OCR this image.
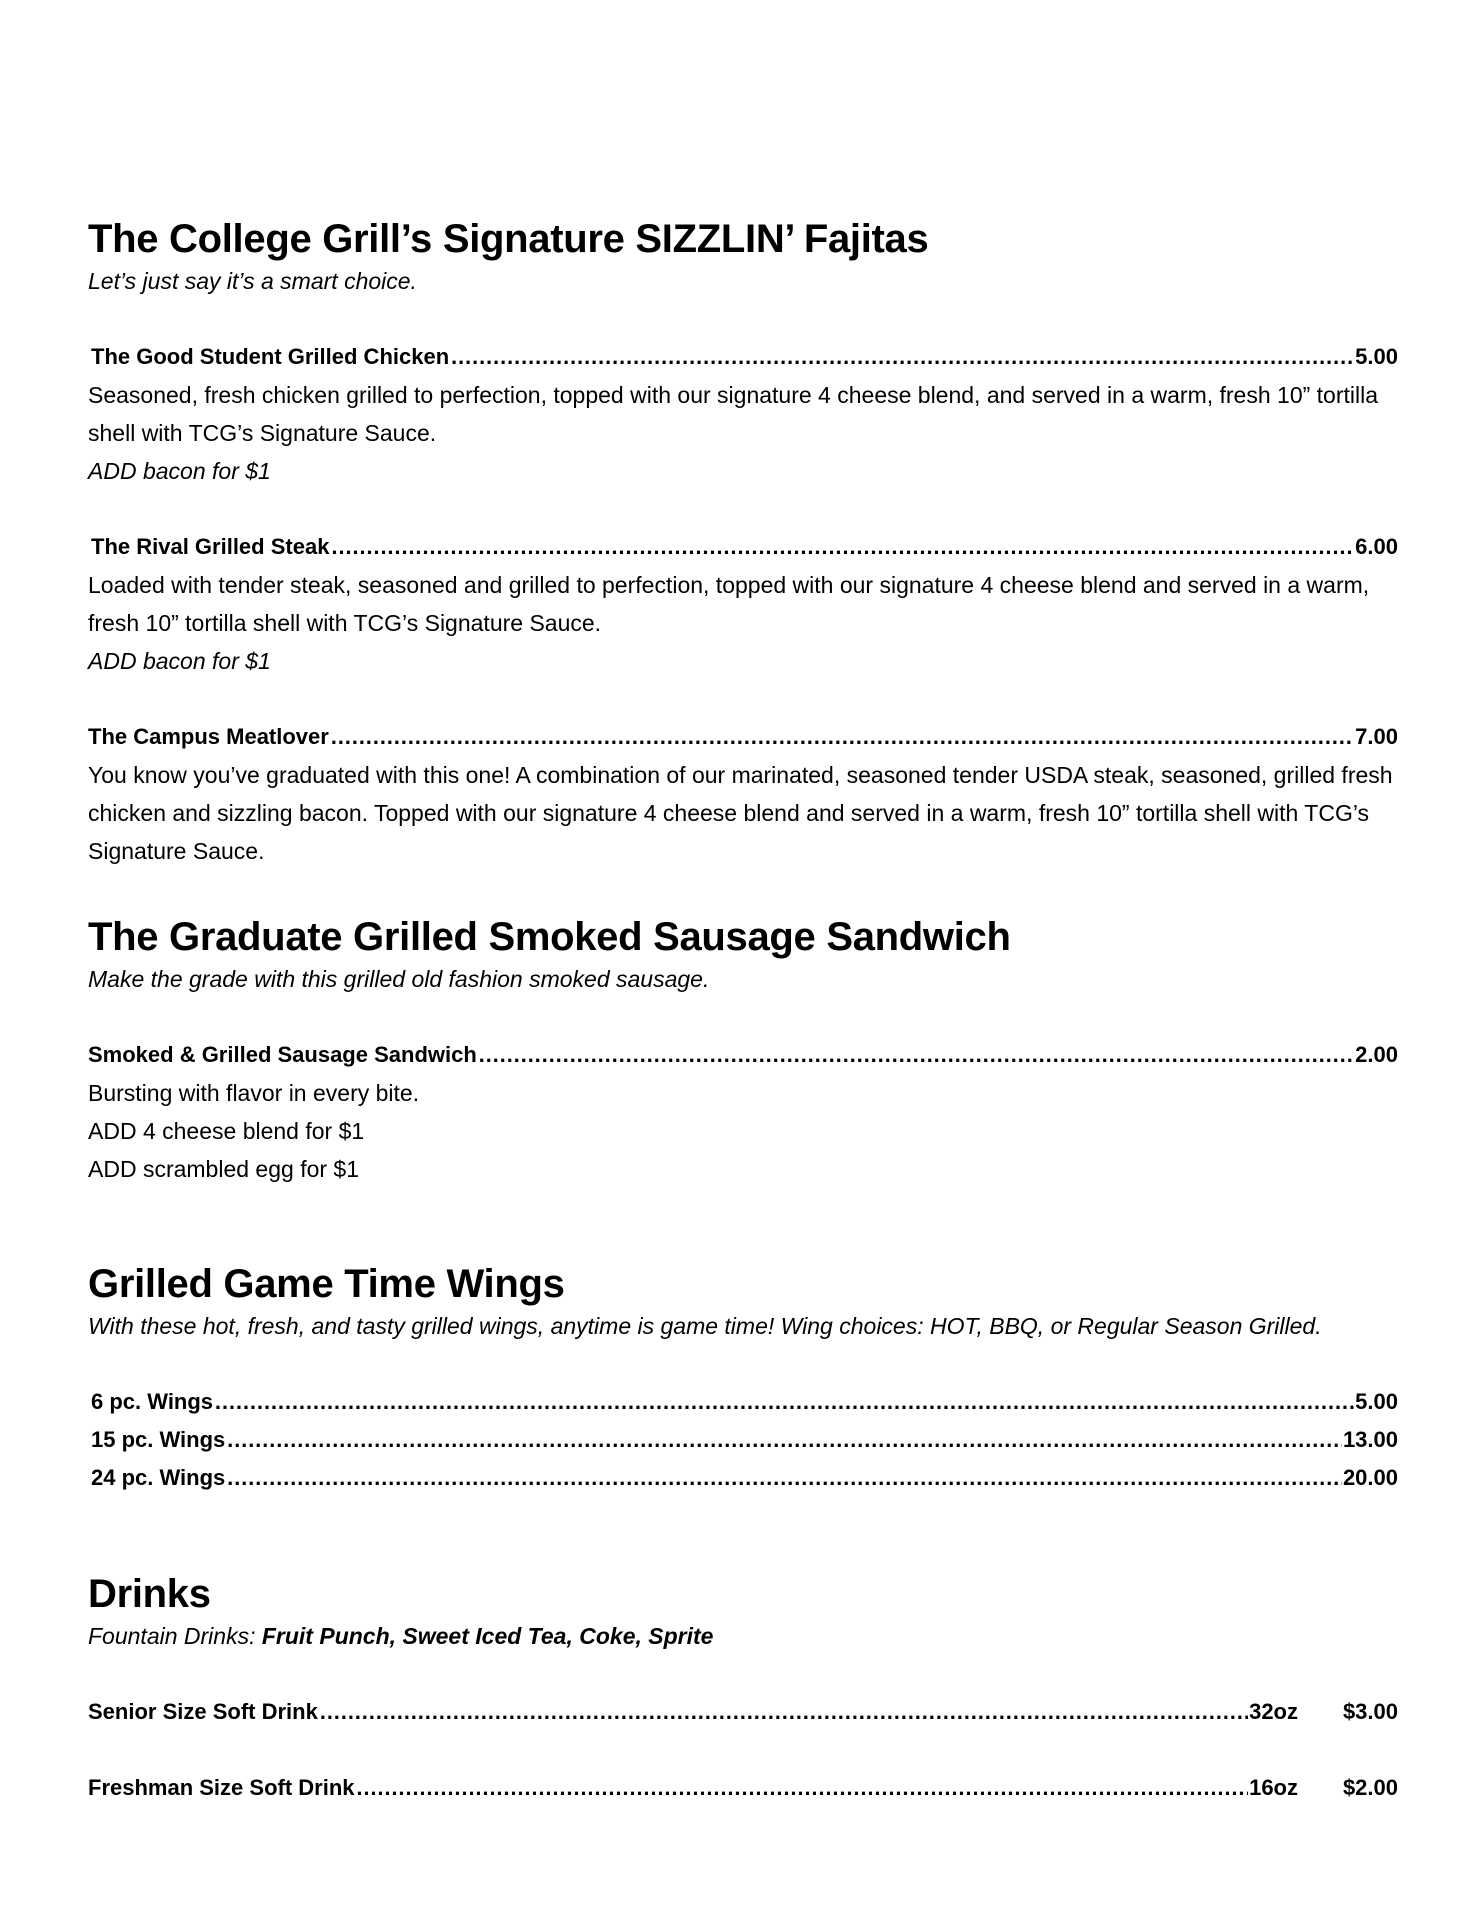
The College Grill’s Signature SIZZLIN’ Fajitas

Let’s just say it’s a smart choice.

The Good Student Grilled Chicken …………………………………………………………………………………………………………………………………………………………………………………………………………………………………………………………………………	5.00

Seasoned, fresh chicken grilled to perfection, topped with our signature 4 cheese blend, and served in a warm, fresh 10” tortilla shell with TCG’s Signature Sauce.

ADD bacon for $1

The Rival Grilled Steak …………………………………………………………………………………………………………………………………………………………………………………………………………………………………………………………………………	6.00

Loaded with tender steak, seasoned and grilled to perfection, topped with our signature 4 cheese blend and served in a warm, fresh 10” tortilla shell with TCG’s Signature Sauce.

ADD bacon for $1

The Campus Meatlover …………………………………………………………………………………………………………………………………………………………………………………………………………………………………………………………………………	7.00

You know you’ve graduated with this one! A combination of our marinated, seasoned tender USDA steak, seasoned, grilled fresh chicken and sizzling bacon. Topped with our signature 4 cheese blend and served in a warm, fresh 10” tortilla shell with TCG’s Signature Sauce.

The Graduate Grilled Smoked Sausage Sandwich

Make the grade with this grilled old fashion smoked sausage.

Smoked & Grilled Sausage Sandwich …………………………………………………………………………………………………………………………………………………………………………………………………………………………………………………………………………	2.00

Bursting with flavor in every bite.

ADD 4 cheese blend for $1

ADD scrambled egg for $1

Grilled Game Time Wings

With these hot, fresh, and tasty grilled wings, anytime is game time! Wing choices: HOT, BBQ, or Regular Season Grilled.

6 pc. Wings …………………………………………………………………………………………………………………………………………………………………………………………………………………………………………………………………………	5.00
15 pc. Wings …………………………………………………………………………………………………………………………………………………………………………………………………………………………………………………………………………	13.00
24 pc. Wings …………………………………………………………………………………………………………………………………………………………………………………………………………………………………………………………………………	20.00
Drinks

Fountain Drinks: Fruit Punch, Sweet Iced Tea, Coke, Sprite

Senior Size Soft Drink …………………………………………………………………………………………………………………………………………………………………………………………………………………………………………………………………………	32oz	$3.00
Freshman Size Soft Drink …………………………………………………………………………………………………………………………………………………………………………………………………………………………………………………………………………	16oz	$2.00
